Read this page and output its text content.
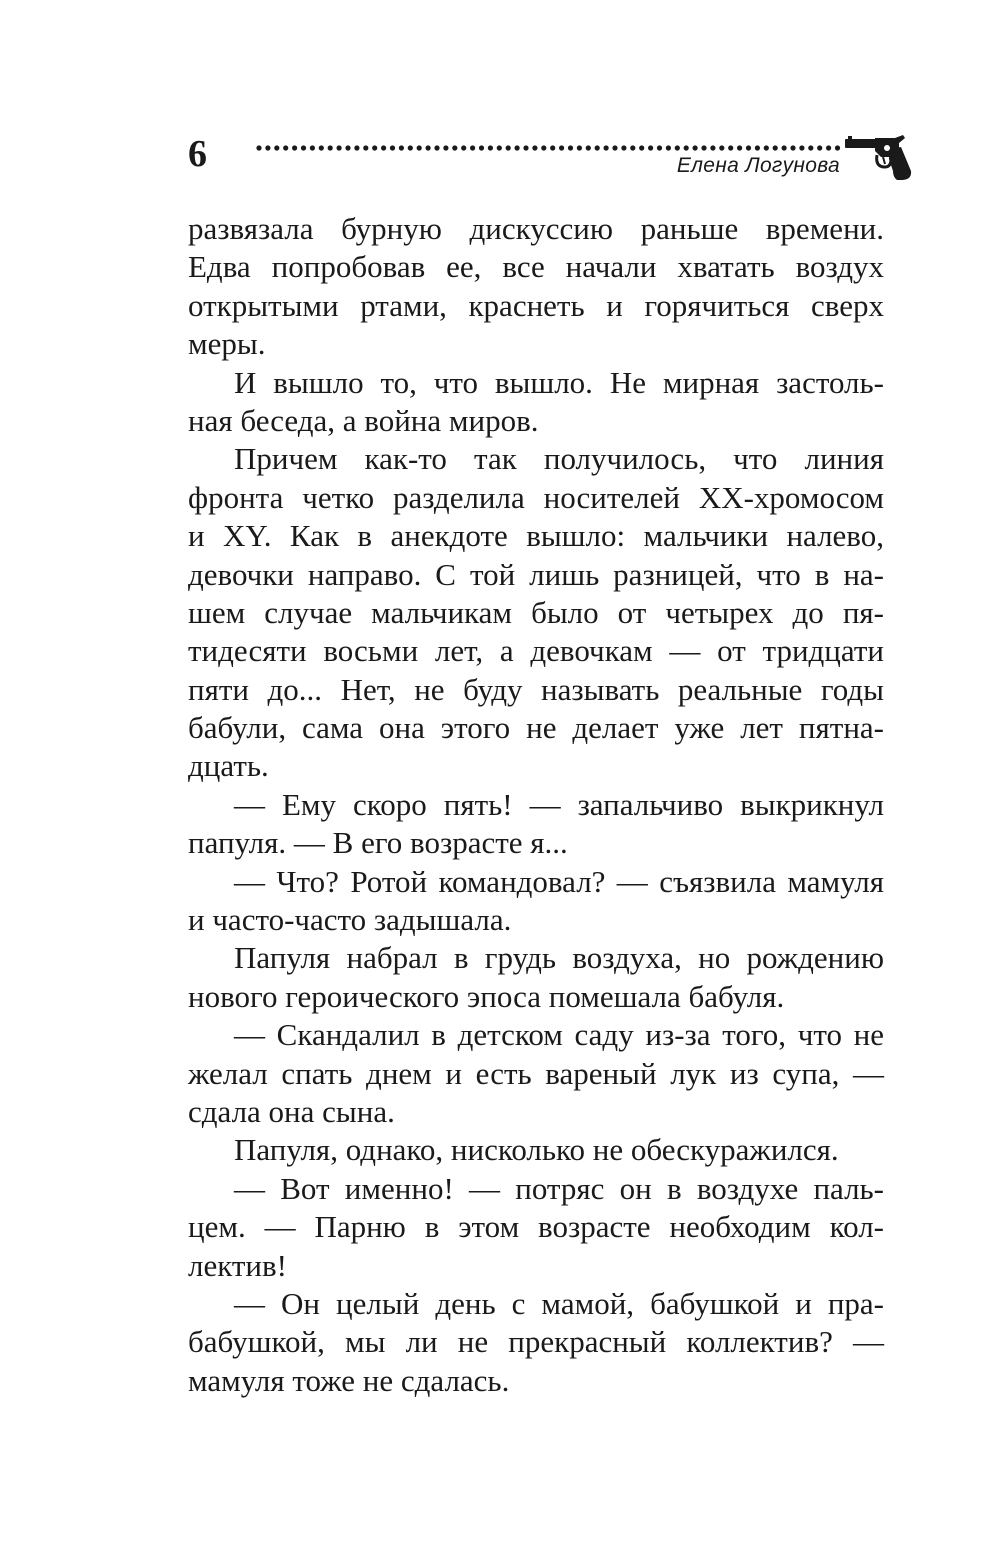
6	Елена Логунова
развязала бурную дискуссию раньше времени.
Едва попробовав ее, все начали хватать воздух
открытыми ртами, краснеть и горячиться сверх
меры.
И вышло то, что вышло. Не мирная застоль-
ная беседа, а война миров.
Причем как-то так получилось, что линия
фронта четко разделила носителей XX-хромосом
и XY. Как в анекдоте вышло: мальчики налево,
девочки направо. С той лишь разницей, что в на-
шем случае мальчикам было от четырех до пя-
тидесяти восьми лет, а девочкам — от тридцати
пяти до... Нет, не буду называть реальные годы
бабули, сама она этого не делает уже лет пятна-
дцать.
— Ему скоро пять! — запальчиво выкрикнул
папуля. — В его возрасте я...
— Что? Ротой командовал? — съязвила мамуля
и часто-часто задышала.
Папуля набрал в грудь воздуха, но рождению
нового героического эпоса помешала бабуля.
— Скандалил в детском саду из-за того, что не
желал спать днем и есть вареный лук из супа, —
сдала она сына.
Папуля, однако, нисколько не обескуражился.
— Вот именно! — потряс он в воздухе паль-
цем. — Парню в этом возрасте необходим кол-
лектив!
— Он целый день с мамой, бабушкой и пра-
бабушкой, мы ли не прекрасный коллектив? —
мамуля тоже не сдалась.
